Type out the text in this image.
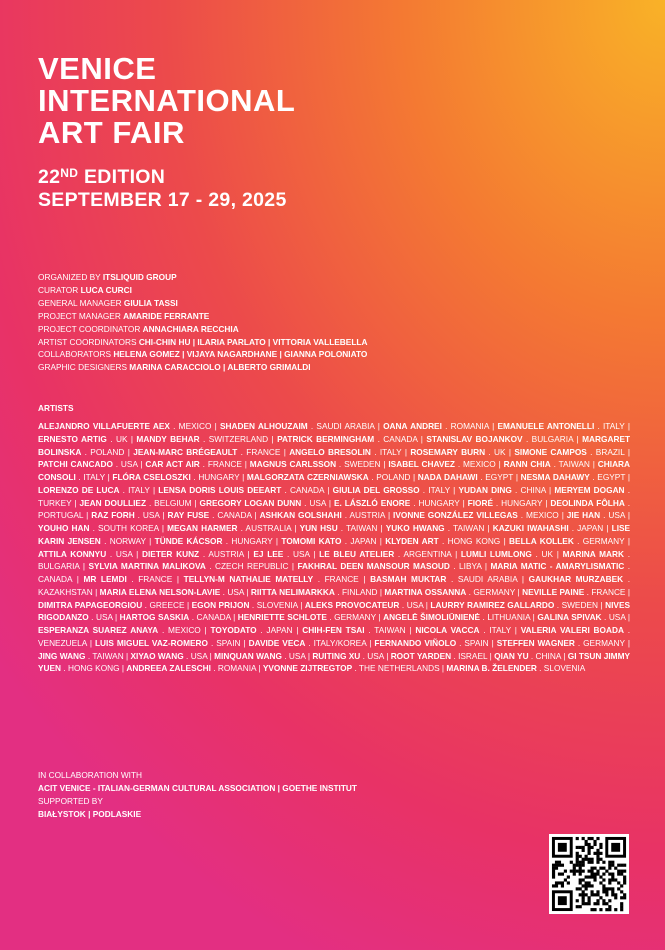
VENICE
INTERNATIONAL
ART FAIR
22ND EDITION
SEPTEMBER 17 - 29, 2025
ORGANIZED BY ITSLIQUID GROUP
CURATOR LUCA CURCI
GENERAL MANAGER GIULIA TASSI
PROJECT MANAGER AMARIDE FERRANTE
PROJECT COORDINATOR ANNACHIARA RECCHIA
ARTIST COORDINATORS CHI-CHIN HU | ILARIA PARLATO | VITTORIA VALLEBELLA
COLLABORATORS HELENA GOMEZ | VIJAYA NAGARDHANE | GIANNA POLONIATO
GRAPHIC DESIGNERS MARINA CARACCIOLO | ALBERTO GRIMALDI
ARTISTS
ALEJANDRO VILLAFUERTE AEX . MEXICO | SHADEN ALHOUZAIM . SAUDI ARABIA | OANA ANDREI . ROMANIA | EMANUELE ANTONELLI . ITALY | ERNESTO ARTIG . UK | MANDY BEHAR . SWITZERLAND | PATRICK BERMINGHAM . CANADA | STANISLAV BOJANKOV . BULGARIA | MARGARET BOLINSKA . POLAND | JEAN-MARC BRÉGEAULT . FRANCE | ANGELO BRESOLIN . ITALY | ROSEMARY BURN . UK | SIMONE CAMPOS . BRAZIL | PATCHI CANCADO . USA | CAR ACT AIR . FRANCE | MAGNUS CARLSSON . SWEDEN | ISABEL CHAVEZ . MEXICO | RANN CHIA . TAIWAN | CHIARA CONSOLI . ITALY | FLÓRA CSELOSZKI . HUNGARY | MALGORZATA CZERNIAWSKA . POLAND | NADA DAHAWI . EGYPT | NESMA DAHAWY . EGYPT | LORENZO DE LUCA . ITALY | LENSA DORIS LOUIS DEEART . CANADA | GIULIA DEL GROSSO . ITALY | YUDAN DING . CHINA | MERYEM DOGAN . TURKEY | JEAN DOULLIEZ . BELGIUM | GREGORY LOGAN DUNN . USA | E. LÁSZLÓ ENORE . HUNGARY | FIORÉ . HUNGARY | DEOLINDA FÔLHA . PORTUGAL | RAZ FORH . USA | RAY FUSE . CANADA | ASHKAN GOLSHAHI . AUSTRIA | IVONNE GONZÁLEZ VILLEGAS . MEXICO | JIE HAN . USA | YOUHO HAN . SOUTH KOREA | MEGAN HARMER . AUSTRALIA | YUN HSU . TAIWAN | YUKO HWANG . TAIWAN | KAZUKI IWAHASHI . JAPAN | LISE KARIN JENSEN . NORWAY | TÜNDE KÁCSOR . HUNGARY | TOMOMI KATO . JAPAN | KLYDEN ART . HONG KONG | BELLA KOLLEK . GERMANY | ATTILA KONNYU . USA | DIETER KUNZ . AUSTRIA | EJ LEE . USA | LE BLEU ATELIER . ARGENTINA | LUMLI LUMLONG . UK | MARINA MARK . BULGARIA | SYLVIA MARTINA MALIKOVA . CZECH REPUBLIC | FAKHRAL DEEN MANSOUR MASOUD . LIBYA | MARIA MATIC - AMARYLISMATIC . CANADA | MR LEMDI . FRANCE | TELLYN-M NATHALIE MATELLY . FRANCE | BASMAH MUKTAR . SAUDI ARABIA | GAUKHAR MURZABEK . KAZAKHSTAN | MARIA ELENA NELSON-LAVIE . USA | RIITTA NELIMARKKA . FINLAND | MARTINA OSSANNA . GERMANY | NEVILLE PAINE . FRANCE | DIMITRA PAPAGEORGIOU . GREECE | EGON PRIJON . SLOVENIA | ALEKS PROVOCATEUR . USA | LAURRY RAMIREZ GALLARDO . SWEDEN | NIVES RIGODANZO . USA | HARTOG SASKIA . CANADA | HENRIETTE SCHLOTE . GERMANY | ANGELĖ ŠIMOLIŪNIENĖ . LITHUANIA | GALINA SPIVAK . USA | ESPERANZA SUAREZ ANAYA . MEXICO | TOYODATO . JAPAN | CHIH-FEN TSAI . TAIWAN | NICOLA VACCA . ITALY | VALERIA VALERI BOADA . VENEZUELA | LUIS MIGUEL VAZ-ROMERO . SPAIN | DAVIDE VECA . ITALY/KOREA | FERNANDO VIÑOLO . SPAIN | STEFFEN WAGNER . GERMANY | JING WANG . TAIWAN | XIYAO WANG . USA | MINQUAN WANG . USA | RUITING XU . USA | ROOT YARDEN . ISRAEL | QIAN YU . CHINA | GI TSUN JIMMY YUEN . HONG KONG | ANDREEA ZALESCHI . ROMANIA | YVONNE ZIJTREGTOP . THE NETHERLANDS | MARINA B. ŽELENDER . SLOVENIA
IN COLLABORATION WITH
ACIT VENICE - ITALIAN-GERMAN CULTURAL ASSOCIATION | GOETHE INSTITUT
SUPPORTED BY
BIAŁYSTOK | PODLASKIE
